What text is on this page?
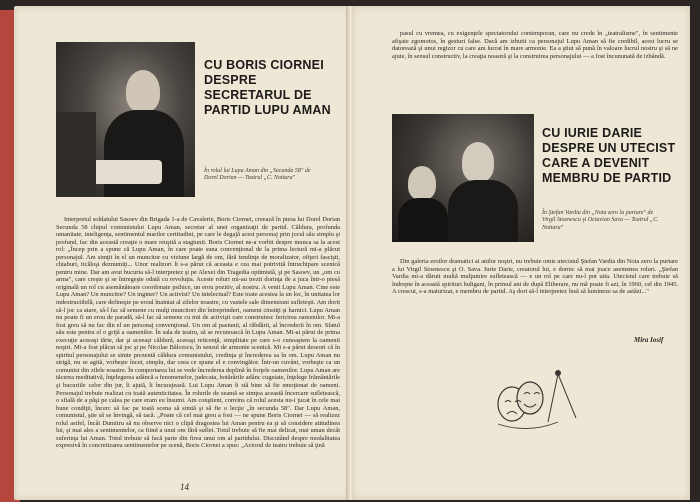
CU BORIS CIORNEI DESPRE SECRETARUL DE PARTID LUPU AMAN
În rolul lui Lupu Aman din „Secunda 58" de Dorel Dorian — Teatrul „C. Nottara"
Interpretul soldatului Sasoev din Brigada 1-a de Cavalerie, Boris Ciornei, creează în piesa lui Dorel Dorian Secunda 58 chipul comunistului Lupu Aman, secretar al unei organizaţii de partid. Căldura, profunda umanitate, inteligenţa, sentimentul marilor certitudini, pe care le degajă acest personaj prin jocul său simplu şi profund, fac din această creaţie o mare reuşită a stagiunii. Boris Ciornei ne-a vorbit despre munca sa la acest rol: „Încep prin a spune că Lupu Aman, în care poate suna convenţional de la prima lectură mi-a plăcut personajul. Am simţit în el un muncitor cu viziune largă de om, fără tendinţe de moralizator, ofiţeri fascişti, chiaburi, ticăloşi deznumiţi... Unor realizori li s-a părut că aceasta e cea mai potrivită întruchipare scenică pentru mine. Dar am avut bucuria să-l interpretez şi pe Alexei din Tragedia optimistă, şi pe Sasoev, un „om cu arma", care creşte şi se întregeşte odată cu revoluţia. Aceste roluri mi-au trezit dorinţa de a juca într-o piesă originală un rol cu asemănătoare coordonate psihice, un erou pozitiv, al nostru. A venit Lupu Aman. Cine este Lupu Aman? Un muncitor? Un inginer? Un activist? Un intelectual? Este toate acestea la un loc, în unitatea lor indestructibilă, care defineşte pe eroul înaintat al zilelor noastre, cu vastele sale dimensiuni sufleteşti. Am dorit să-l joc ca atare, să-l fac să semene cu mulţi muncitori din întreprinderi, oameni cinstiţi şi harnici. Lupu Aman nu poate fi un erou de paradă, să-l fac să semene cu mii de activişti care construiesc fericirea oamenilor. Mi-a fost greu să nu fac din el un personaj convenţional. Un om al pasiunii, al răbdării, al încrederii în om. Sfatul său este pentru el o grijă a oamenilor. În sala de teatru, să se recunoască în Lupu Aman. Mi-ai părut de prima execuţie aceeaşi tărie, dar şi aceeaşi căldură, aceeaşi reticenţă, simplitate pe care s-o cunoaştem la oamenii noştri. Mi-a fost plăcut să joc şi pe Nicolae Bălcescu, în sensul de armonie scenică. Mi s-a părut deseori că în spiritul personajului se simte prezentă căldura comunistului, credinţa şi încrederea sa în om. Lupu Aman nu strigă, nu se agită, vorbeşte încet, simplu, dar ceea ce spune el e convingător. Într-un cuvânt, vorbeşte ca un comunist din zilele noastre. În comportarea lui se vede încrederea deplină în forţele oamenilor. Lupu Aman are tăcerea meditativă, înţelegerea adâncă a fenomenelor, judecata, hotărârile adânc cugetate, înţelege frământările şi bucuriile celor din jur, îi ajută, îi încurajează. Lui Lupu Aman îi stă bine să fie emoţionat de oameni. Personajul trebuie realizat cu toată autenticitatea. În rolurile de seamă se simţea această încercare sufletească, o sfială de a păşi pe calea pe care eram eu însumi. Am conştient, convins că rolul acesta nu-i jucat în cele mai bune condiţii, încerc să fac pe toată scena să simtă şi să fie o lecţie „în secunda 58". Dar Lupu Aman, comunistul, ştie să se învingă, să tacă. „Poate că cel mai greu a fost — ne spune Boris Ciornei — să realizez rolul astfel, încât Dumitru să nu observe nici o clipă dragostea lui Aman pentru ea şi să considere atitudinea lui, şi mai ales a sentimentelor, ca fiind a unui om fără suflet. Totul trebuie să fie mai delicat, mai uman decât suferinţa lui Aman. Totul trebuie să facă parte din firea unui om al partidului. Discutând despre modalitatea expresivă în concretizarea sentimentelor pe scenă, Boris Ciornei a spus: „Actorul de teatru trebuie să ţină
14
pasul cu vremea, cu exigenţele spectatorului contemporan, care nu crede în „teatralisme", în sentimente afişate zgomotos, în gesturi false. Dacă am izbutit ca personajul Lupu Aman să fie credibil, acest lucru se datorează şi unui regizor cu care am lucrat în mare armonie. Ea a ştiut să pună în valoare lucrul nostru şi să ne ajute, în sensul constructiv, la creaţia noastră şi la construirea personajului — a fost încununată de izbândă.
CU IURIE DARIE DESPRE UN UTECIST CARE A DEVENIT MEMBRU DE PARTID
În Ştefan Vardia din „Nota zero la purtare" de Virgil Stoenescu şi Octavian Sava — Teatrul „C. Nottara"
Din galeria eroilor dramatici ai anilor noştri, nu trebuie omis utecistul Ştefan Vardia din Nota zero la purtare a lui Virgil Stoenescu şi O. Sava. Iurie Darie, creatorul lui, e dornic să mai joace asemenea roluri. „Ştefan Vardia mi-a dăruit multă mulţumire sufletească — e un rol pe care nu-l pot uita. Utecistul care trebuie să îndrepte în această spirituri huligani, în primul ani de după Eliberare, nu mă poate fi azi, în 1960, cel din 1945. A crescut, s-a maturizat, e membru de partid. Aş dori să-l interpretez însă să lumineze sa de astăzi..."
Mira Iosif
